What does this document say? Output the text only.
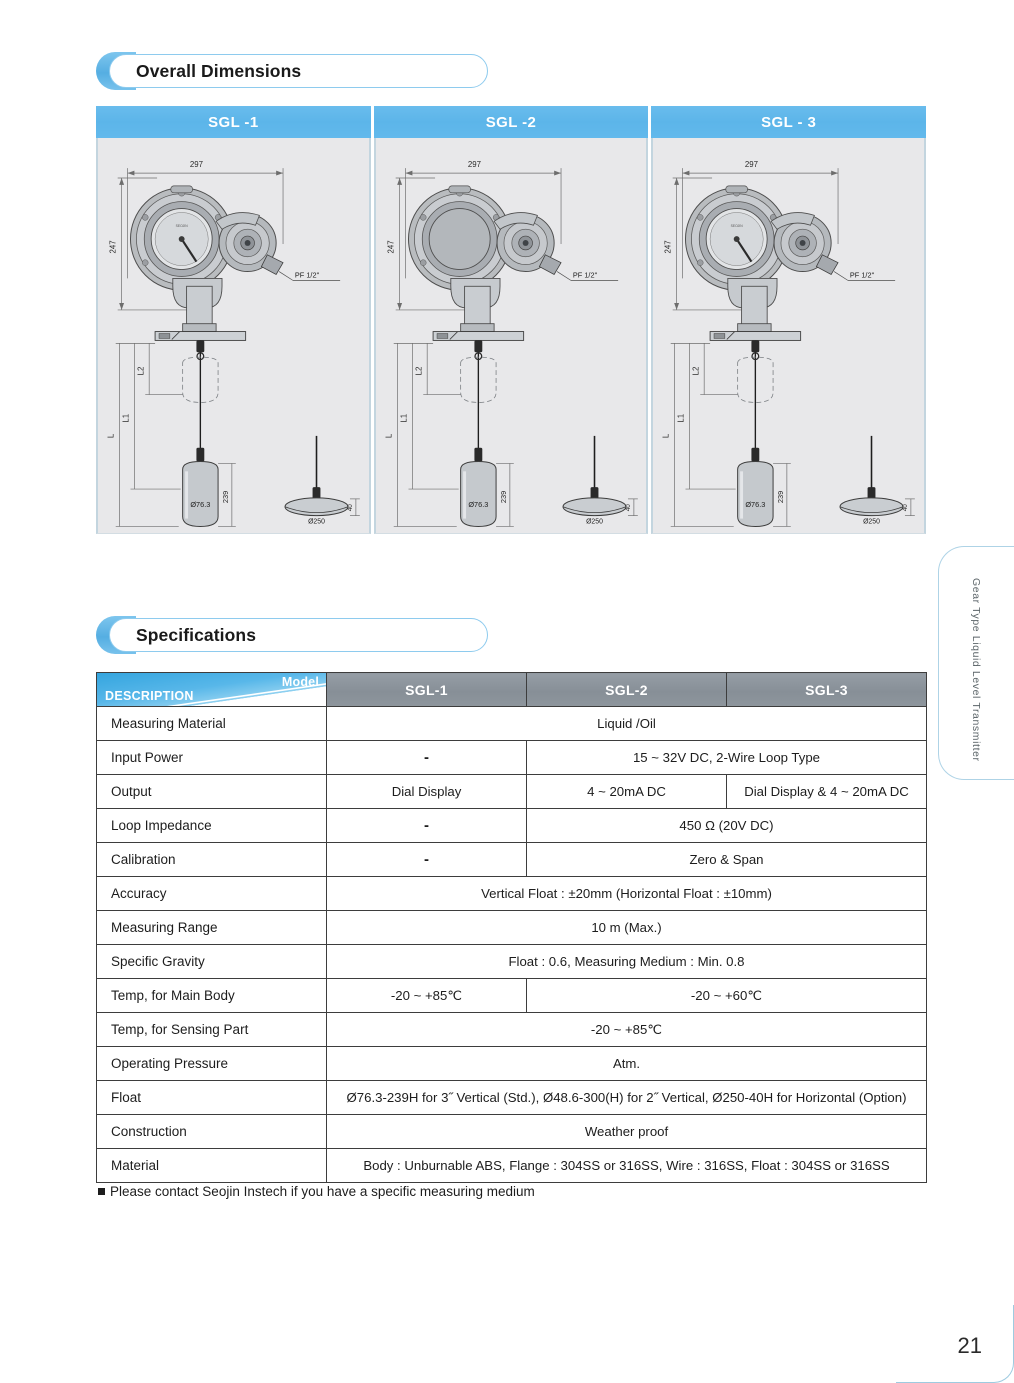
Overall Dimensions
SGL -1
297
247
SEOJIN
Ø76.3
239
L
L1
L2
PF 1/2"
Ø250
40
SGL -2
297
247
Ø76.3
239
L
L1
L2
PF 1/2"
Ø250
40
SGL - 3
297
247
SEOJIN
Ø76.3
239
L
L1
L2
PF 1/2"
Ø250
40
Specifications
Model
DESCRIPTION	SGL-1	SGL-2	SGL-3
Measuring Material	Liquid /Oil		
Input Power	-	15 ~ 32V DC, 2-Wire Loop Type	
Output	Dial Display	4 ~ 20mA DC	Dial Display & 4 ~ 20mA DC
Loop Impedance	-	450 Ω (20V DC)	
Calibration	-	Zero & Span	
Accuracy	Vertical Float : ±20mm (Horizontal Float : ±10mm)		
Measuring Range	10 m (Max.)		
Specific Gravity	Float : 0.6, Measuring Medium : Min. 0.8		
Temp, for Main Body	-20 ~ +85℃	-20 ~ +60℃	
Temp, for Sensing Part	-20 ~ +85℃		
Operating Pressure	Atm.		
Float	Ø76.3-239H for 3˝ Vertical (Std.), Ø48.6-300(H) for 2˝ Vertical, Ø250-40H for Horizontal (Option)		
Construction	Weather proof		
Material	Body : Unburnable ABS, Flange : 304SS or 316SS, Wire : 316SS, Float : 304SS or 316SS		
Please contact Seojin Instech if you have a specific measuring medium
Gear Type Liquid Level Transmitter
21
